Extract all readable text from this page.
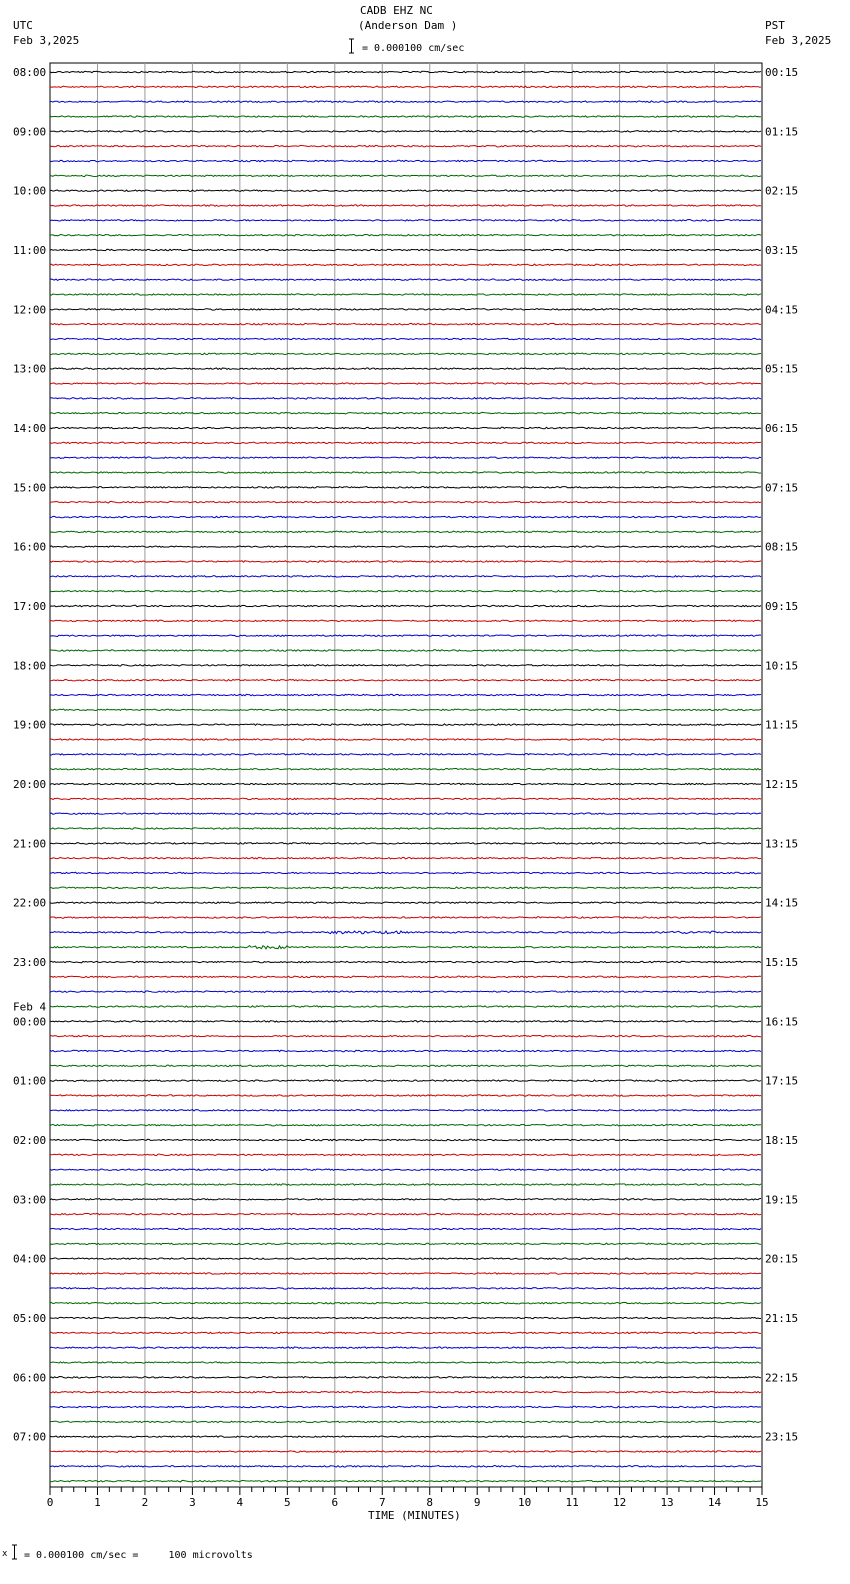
CADB EHZ NC
(Anderson Dam )
UTC
Feb 3,2025
PST
Feb 3,2025
= 0.000100 cm/sec
08:00
09:00
10:00
11:00
12:00
13:00
14:00
15:00
16:00
17:00
18:00
19:00
20:00
21:00
22:00
23:00
00:00
Feb 4
01:00
02:00
03:00
04:00
05:00
06:00
07:00
00:15
01:15
02:15
03:15
04:15
05:15
06:15
07:15
08:15
09:15
10:15
11:15
12:15
13:15
14:15
15:15
16:15
17:15
18:15
19:15
20:15
21:15
22:15
23:15
0	1	2	3	4	5	6	7	8	9	10	11	12	13	14	15
TIME (MINUTES)
x = 0.000100 cm/sec =     100 microvolts
